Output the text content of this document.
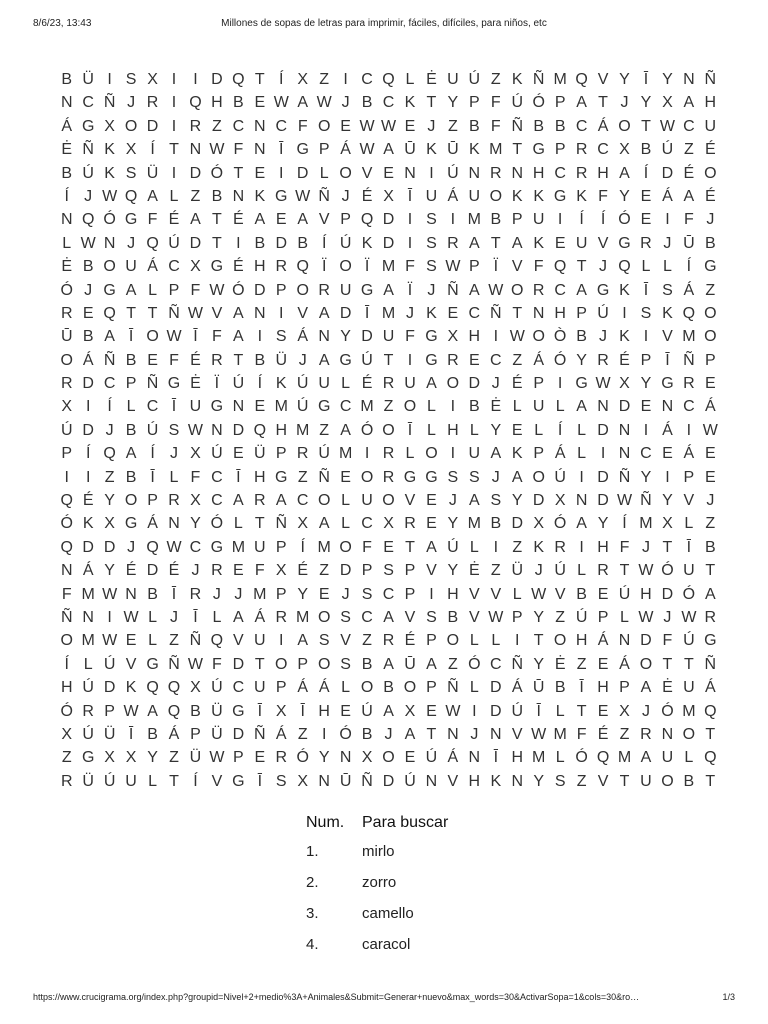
8/6/23, 13:43	Millones de sopas de letras para imprimir, fáciles, difíciles, para niños, etc
B Ü I S X I	I D Q T Í X Z I C Q L Ė U Ú Z K Ñ M Q V Y Ī Y N Ñ
N C Ñ J R I Q H B E W A W J B C K T Y P F Ú Ó P A T J Y X A H
Á G X O D I R Z C N C F O E W W E J Z B F Ñ B B C Á O T W C U
Ė Ñ K X Í T N W F N Ī G P Á W A Ū K Ū K M T G P R C X B Ú Z É
B Ú K S Ü I D Ó T E I D L O V E N I Ú N R N H C R H A Í D É O
Í J W Q A L Z B N K G W Ñ J É X Ī U Á U O K K G K F Y E Á A É
N Q Ó G F É A T É A E A V P Q D I S I M B P U I	Í	Í Ó E I F J
L W N J Q Ú D T I B D B Í Ú K D I S R A T A K E U V G R J Ū B
Ė B O U Á C X G É H R Q Ï O Ï M F S W P Ï V F Q T J Q L L Í G
Ó J G A L P F W Ó D P O R U G A Ï J Ñ A W O R C A G K Ī S Á Z
R E Q T T Ñ W V A N I V A D Ī M J K E C Ñ T N H P Ú I S K Q O
Ū B A Ī O W Ī F A I S Á N Y D U F G X H I W O Ò B J K I V M O
O Á Ñ B E F É R T B Ü J A G Ú T I G R E C Z Á Ó Y R É P Ī Ñ P
R D C P Ñ G Ė Ï Ú Í K Ú U L É R U A O D J É P I G W X Y G R E
X I	Í L C Ī U G N E M Ú G C M Z O L I B Ė L U L A N D E N C Á
Ú D J B Ú S W N D Q H M Z A Ó O Ī L H L Y E L Í L D N I Á I W
P Í Q A Í J X Ú E Ü P R Ú M I R L O I U A K P Á L I N C E Á E
I	I Z B Ī L F C Ī H G Z Ñ E O R G G S S J A O Ú I D Ñ Y I P E
Q É Y O P R X C A R A C O L U O V E J A S Y D X N D W Ñ Y V J
Ó K X G Á N Y Ó L T Ñ X A L C X R E Y M B D X Ó A Y Í M X L Z
Q D D J Q W C G M U P Í M O F E T A Ú L I Z K R I H F J T Ī B
N Á Y É D É J R E F X É Z D P S P V Y Ė Z Ü J Ú L R T W Ó U T
F M W N B Ī R J J M P Y E J S C P I H V V L W V B E Ú H D Ó A
Ñ N I W L J Ī L A Á R M O S C A V S B V W P Y Z Ú P L W J W R
O M W E L Z Ñ Q V U I A S V Z R É P O L L I T O H Á N D F Ú G
Í L Ú V G Ñ W F D T O P O S B A Ū A Z Ó C Ñ Y Ė Z E Á O T T Ñ
H Ú D K Q Q X Ú C U P Á Á L O B O P Ñ L D Á Ū B Ī H P A Ė U Á
Ó R P W A Q B Ü G Ī X Ī H E Ú A X E W I D Ú Ī L T E X J Ó M Q
X Ú Ü Ī B Á P Ü D Ñ Á Z I Ó B J A T N J N V W M F É Z R N O T
Z G X X Y Z Ü W P E R Ó Y N X O E Ú Á N Ī H M L Ó Q M A U L Q
R Ü Ú U L T Í V G Ī S X N Ū Ñ D Ú N V H K N Y S Z V T U O B T
Num.	Para buscar
1.	mirlo
2.	zorro
3.	camello
4.	caracol
https://www.crucigrama.org/index.php?groupid=Nivel+2+medio%3A+Animales&Submit=Generar+nuevo&max_words=30&ActivarSopa=1&cols=30&ro…	1/3
